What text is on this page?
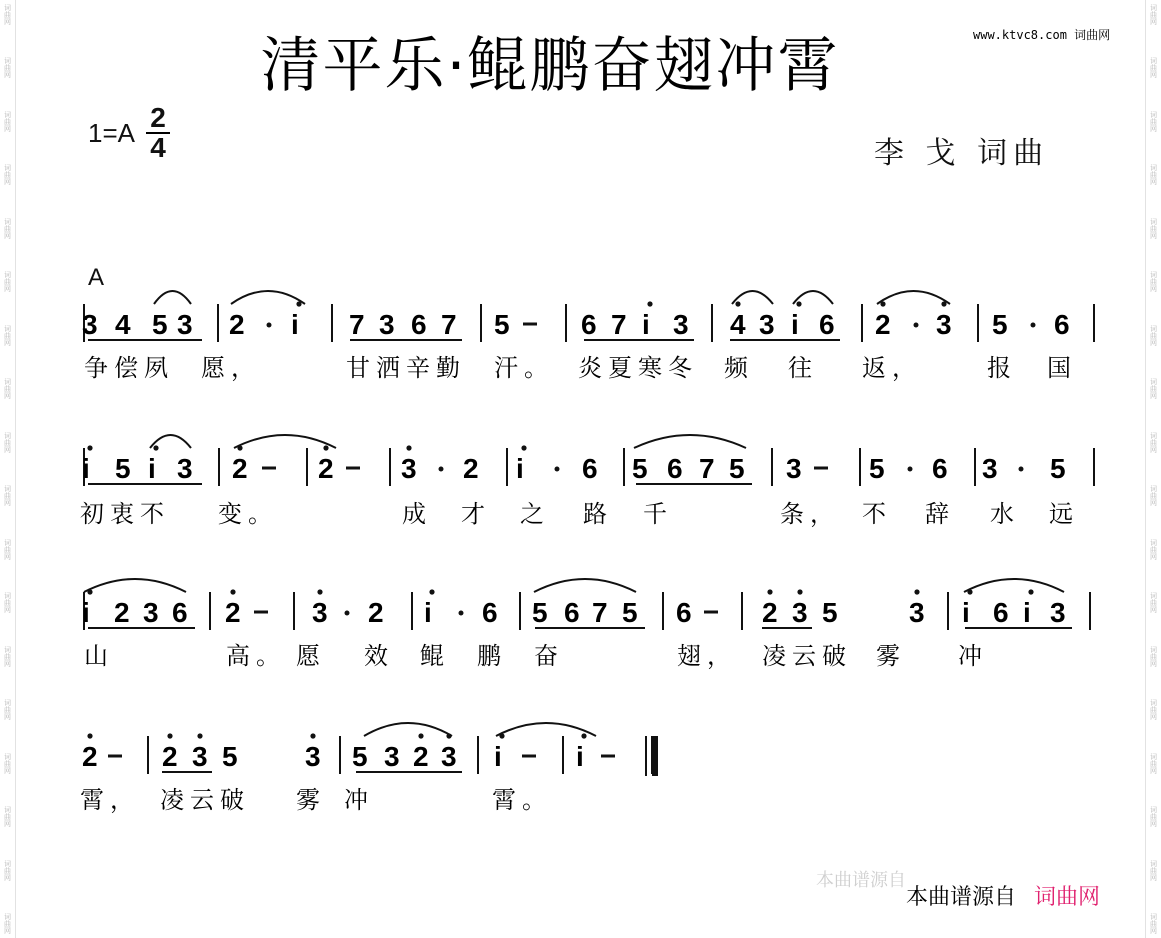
词曲网
词曲网
词曲网
词曲网
词曲网
词曲网
词曲网
词曲网
词曲网
词曲网
词曲网
词曲网
词曲网
词曲网
词曲网
词曲网
词曲网
词曲网
词曲网
词曲网
词曲网
词曲网
词曲网
词曲网
词曲网
词曲网
词曲网
词曲网
词曲网
词曲网
词曲网
词曲网
词曲网
词曲网
词曲网
词曲网
www.ktvc8.com 词曲网
清平乐·鲲鹏奋翅冲霄
1=A 2
4	李 戈 词曲
A
3 4 5 3 2 i 7 3 6 7 5	6 7 i 3 4 3 i 6 2 3 5 6
争偿夙 愿，	甘洒辛勤 汗。 炎夏寒冬 频 往 返，	报 国
i 5 i 3 2	2 3 2 i 6 5 6 7 5 3 5 6 3 5
初衷不 变。	成 才 之 路 千	条， 不 辞 水 远
i 2 3 6 2	3 2 i 6 5 6 7 5 6	2 3 5	3 i 6 i 3
山	高。 愿 效 鲲 鹏 奋	翅， 凌云破 雾 冲
2 2 3 5 3 5 3 2 3 i	i
霄， 凌云破 雾 冲	霄。
本曲谱源自
本曲谱源自 词曲网
